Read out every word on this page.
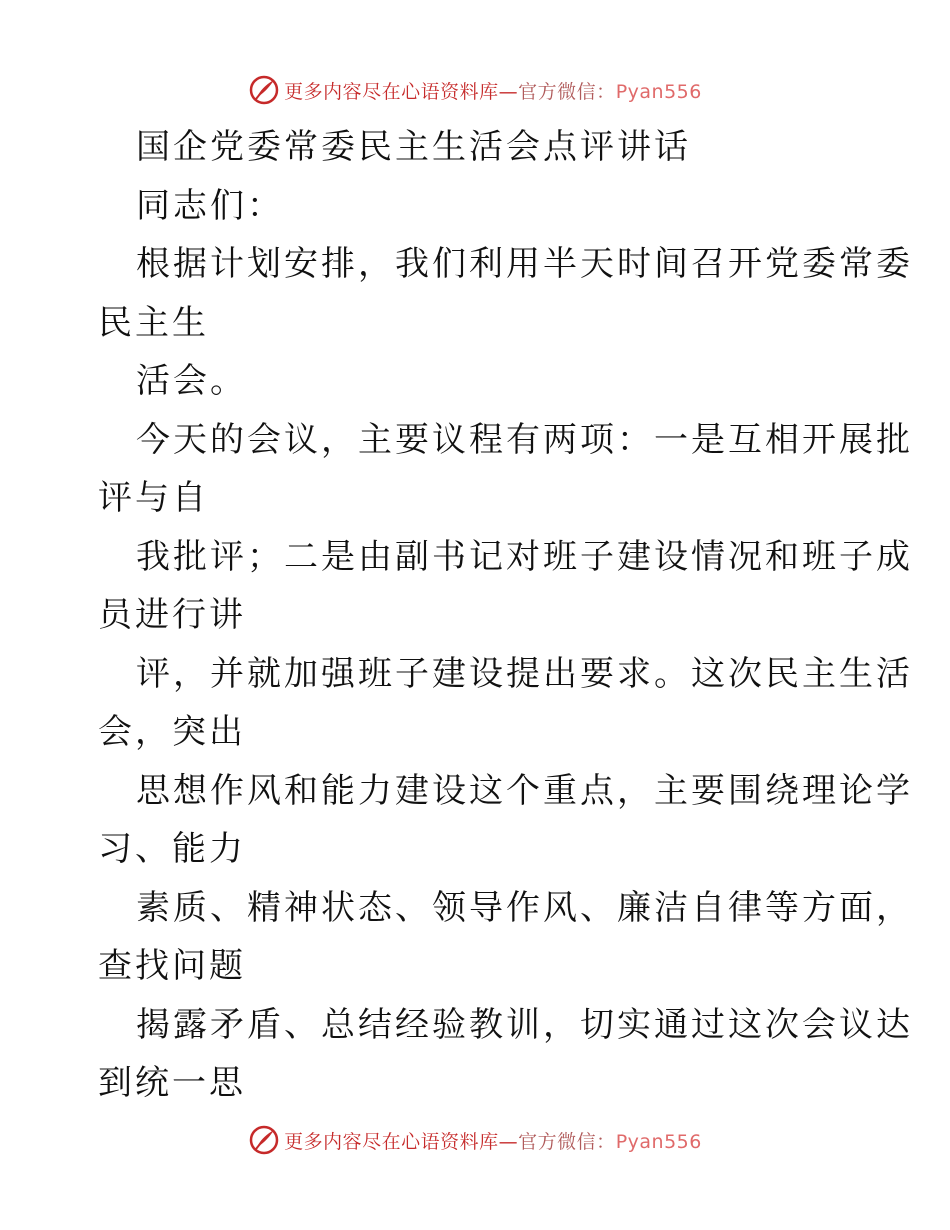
更多内容尽在心语资料库—官方微信：Pyan556
国企党委常委民主生活会点评讲话
同志们：
根据计划安排，我们利用半天时间召开党委常委
民主生
活会。
今天的会议，主要议程有两项：一是互相开展批
评与自
我批评；二是由副书记对班子建设情况和班子成
员进行讲
评，并就加强班子建设提出要求。这次民主生活
会，突出
思想作风和能力建设这个重点，主要围绕理论学
习、能力
素质、精神状态、领导作风、廉洁自律等方面，
查找问题
揭露矛盾、总结经验教训，切实通过这次会议达
到统一思
更多内容尽在心语资料库—官方微信：Pyan556
